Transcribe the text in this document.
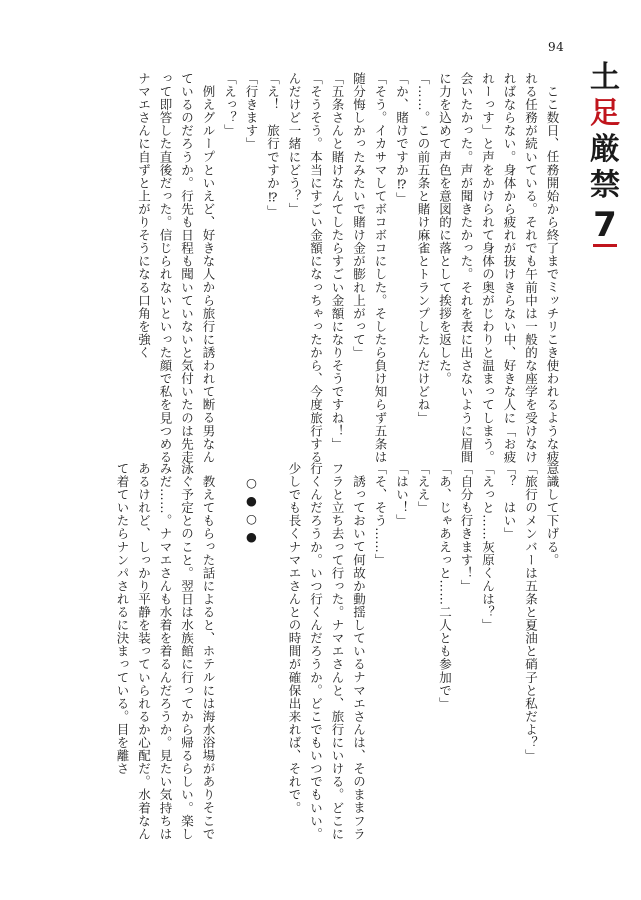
94
土
足
厳
禁
7

ここ数日、任務開始から終了までミッチリこき使われるような疲れる任務が続いている。それでも午前中は一般的な座学を受けなければならない。身体から疲れが抜けきらない中、好きな人に「お疲れーっす」と声をかけられて身体の奥がじわりと温まってしまう。会いたかった。声が聞きたかった。それを表に出さないように眉間に力を込めて声色を意図的に落として挨拶を返した。

「……。この前五条と賭け麻雀とトランプしたんだけどね」

「か、賭けですか⁉」

「そう。イカサマしてボコボコにした。そしたら負け知らず五条は随分悔しかったみたいで賭け金が膨れ上がって」

「五条さんと賭けなんてしたらすごい金額になりそうですね！」

「そうそう。本当にすごい金額になっちゃったから、今度旅行するんだけど一緒にどう？」

「え！　旅行ですか⁉」

「行きます」

「えっ？」

例えグループといえど、好きな人から旅行に誘われて断る男なんているのだろうか。行先も日程も聞いていないと気付いたのは先走って即答した直後だった。信じられないといった顔で私を見つめるナマエさんに自ずと上がりそうになる口角を強く

意識して下げる。

「旅行のメンバーは五条と夏油と硝子と私だよ？」

「？　はい」

「えっと……灰原くんは？」

「自分も行きます！」

「あ、じゃあえっと……二人とも参加で」

「ええ」

「はい！」

「そ、そう……」

誘っておいて何故か動揺しているナマエさんは、そのままフラフラと立ち去って行った。ナマエさんと、旅行にいける。どこに行くんだろうか。いつ行くんだろうか。どこでもいつでもいい。少しでも長くナマエさんとの時間が確保出来れば、それで。

○●○●

教えてもらった話によると、ホテルには海水浴場がありそこで泳ぐ予定とのこと。翌日は水族館に行ってから帰るらしい。楽しみだ……。ナマエさんも水着を着るんだろうか。見たい気持ちはあるけれど、しっかり平静を装っていられるか心配だ。水着なんて着ていたらナンパされるに決まっている。目を離さ
